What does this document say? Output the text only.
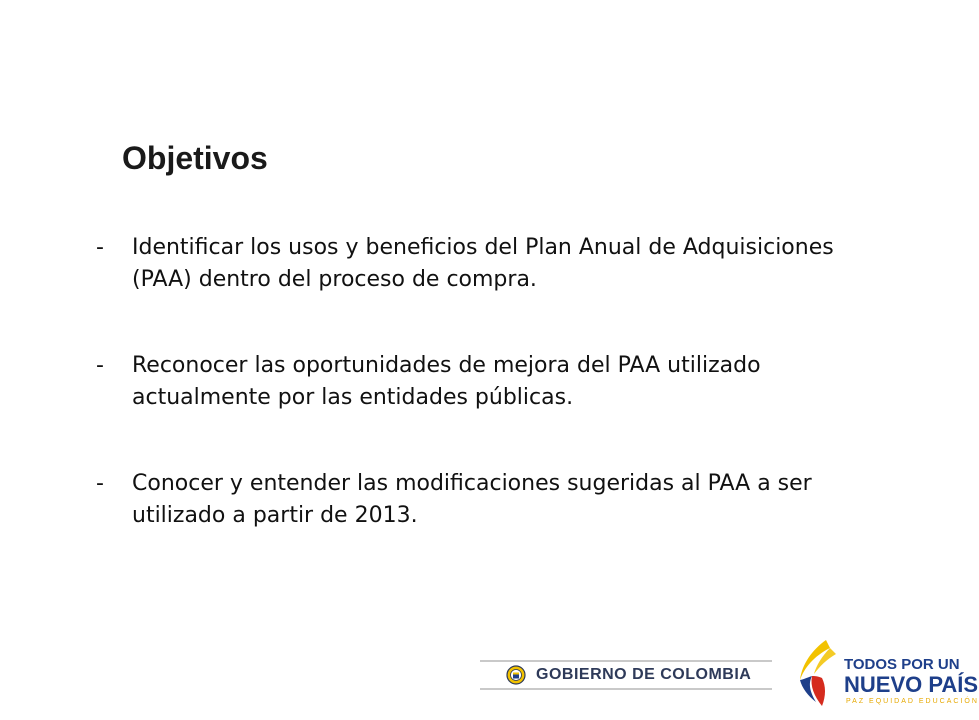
Objetivos
-	Identificar los usos y beneficios del Plan Anual de Adquisiciones (PAA) dentro del proceso de compra.
-	Reconocer las oportunidades de mejora del PAA utilizado actualmente por las entidades públicas.
-	Conocer y entender las modificaciones sugeridas al PAA a ser utilizado a partir de 2013.
GOBIERNO DE COLOMBIA
TODOS POR UN
NUEVO PAÍS
PAZ EQUIDAD EDUCACIÓN
